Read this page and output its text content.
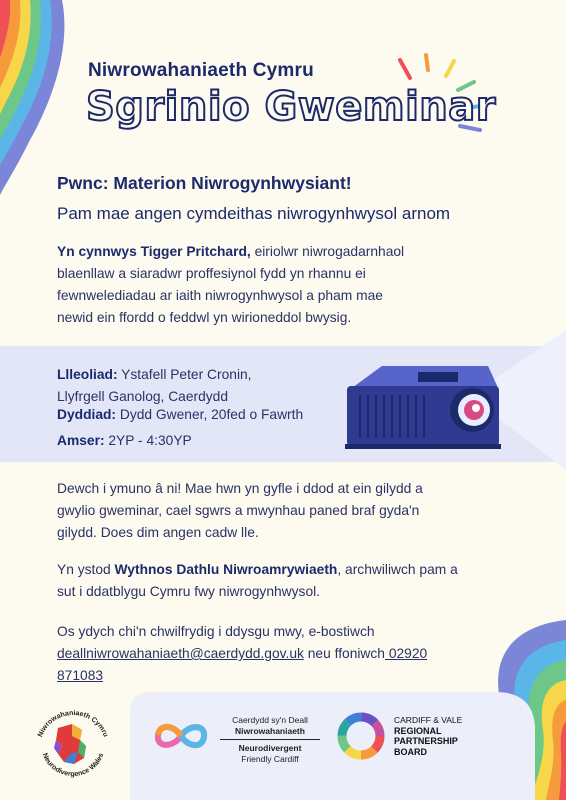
Niwrowahaniaeth Cymru
Sgrinio Gweminar
Pwnc: Materion Niwrogynhwysiant!
Pam mae angen cymdeithas niwrogynhwysol arnom
Yn cynnwys Tigger Pritchard, eiriolwr niwrogadarnhaol
blaenllaw a siaradwr proffesiynol fydd yn rhannu ei
fewnwelediadau ar iaith niwrogynhwysol a pham mae
newid ein ffordd o feddwl yn wirioneddol bwysig.
Llleoliad: Ystafell Peter Cronin,
Llyfrgell Ganolog, Caerdydd
Dyddiad: Dydd Gwener, 20fed o Fawrth
Amser: 2YP - 4:30YP
Dewch i ymuno â ni! Mae hwn yn gyfle i ddod at ein gilydd a
gwylio gweminar, cael sgwrs a mwynhau paned braf gyda'n
gilydd. Does dim angen cadw lle.
Yn ystod Wythnos Dathlu Niwroamrywiaeth, archwiliwch pam a
sut i ddatblygu Cymru fwy niwrogynhwysol.
Os ydych chi'n chwilfrydig i ddysgu mwy, e-bostiwch
deallniwrowahaniaeth@caerdydd.gov.uk neu ffoniwch 02920
871083
Niwrowahaniaeth Cymru
Neurodivergence Wales
Caerdydd sy'n Deall
Niwrowahaniaeth
Neurodivergent
Friendly Cardiff
CARDIFF & VALE
REGIONAL
PARTNERSHIP
BOARD
